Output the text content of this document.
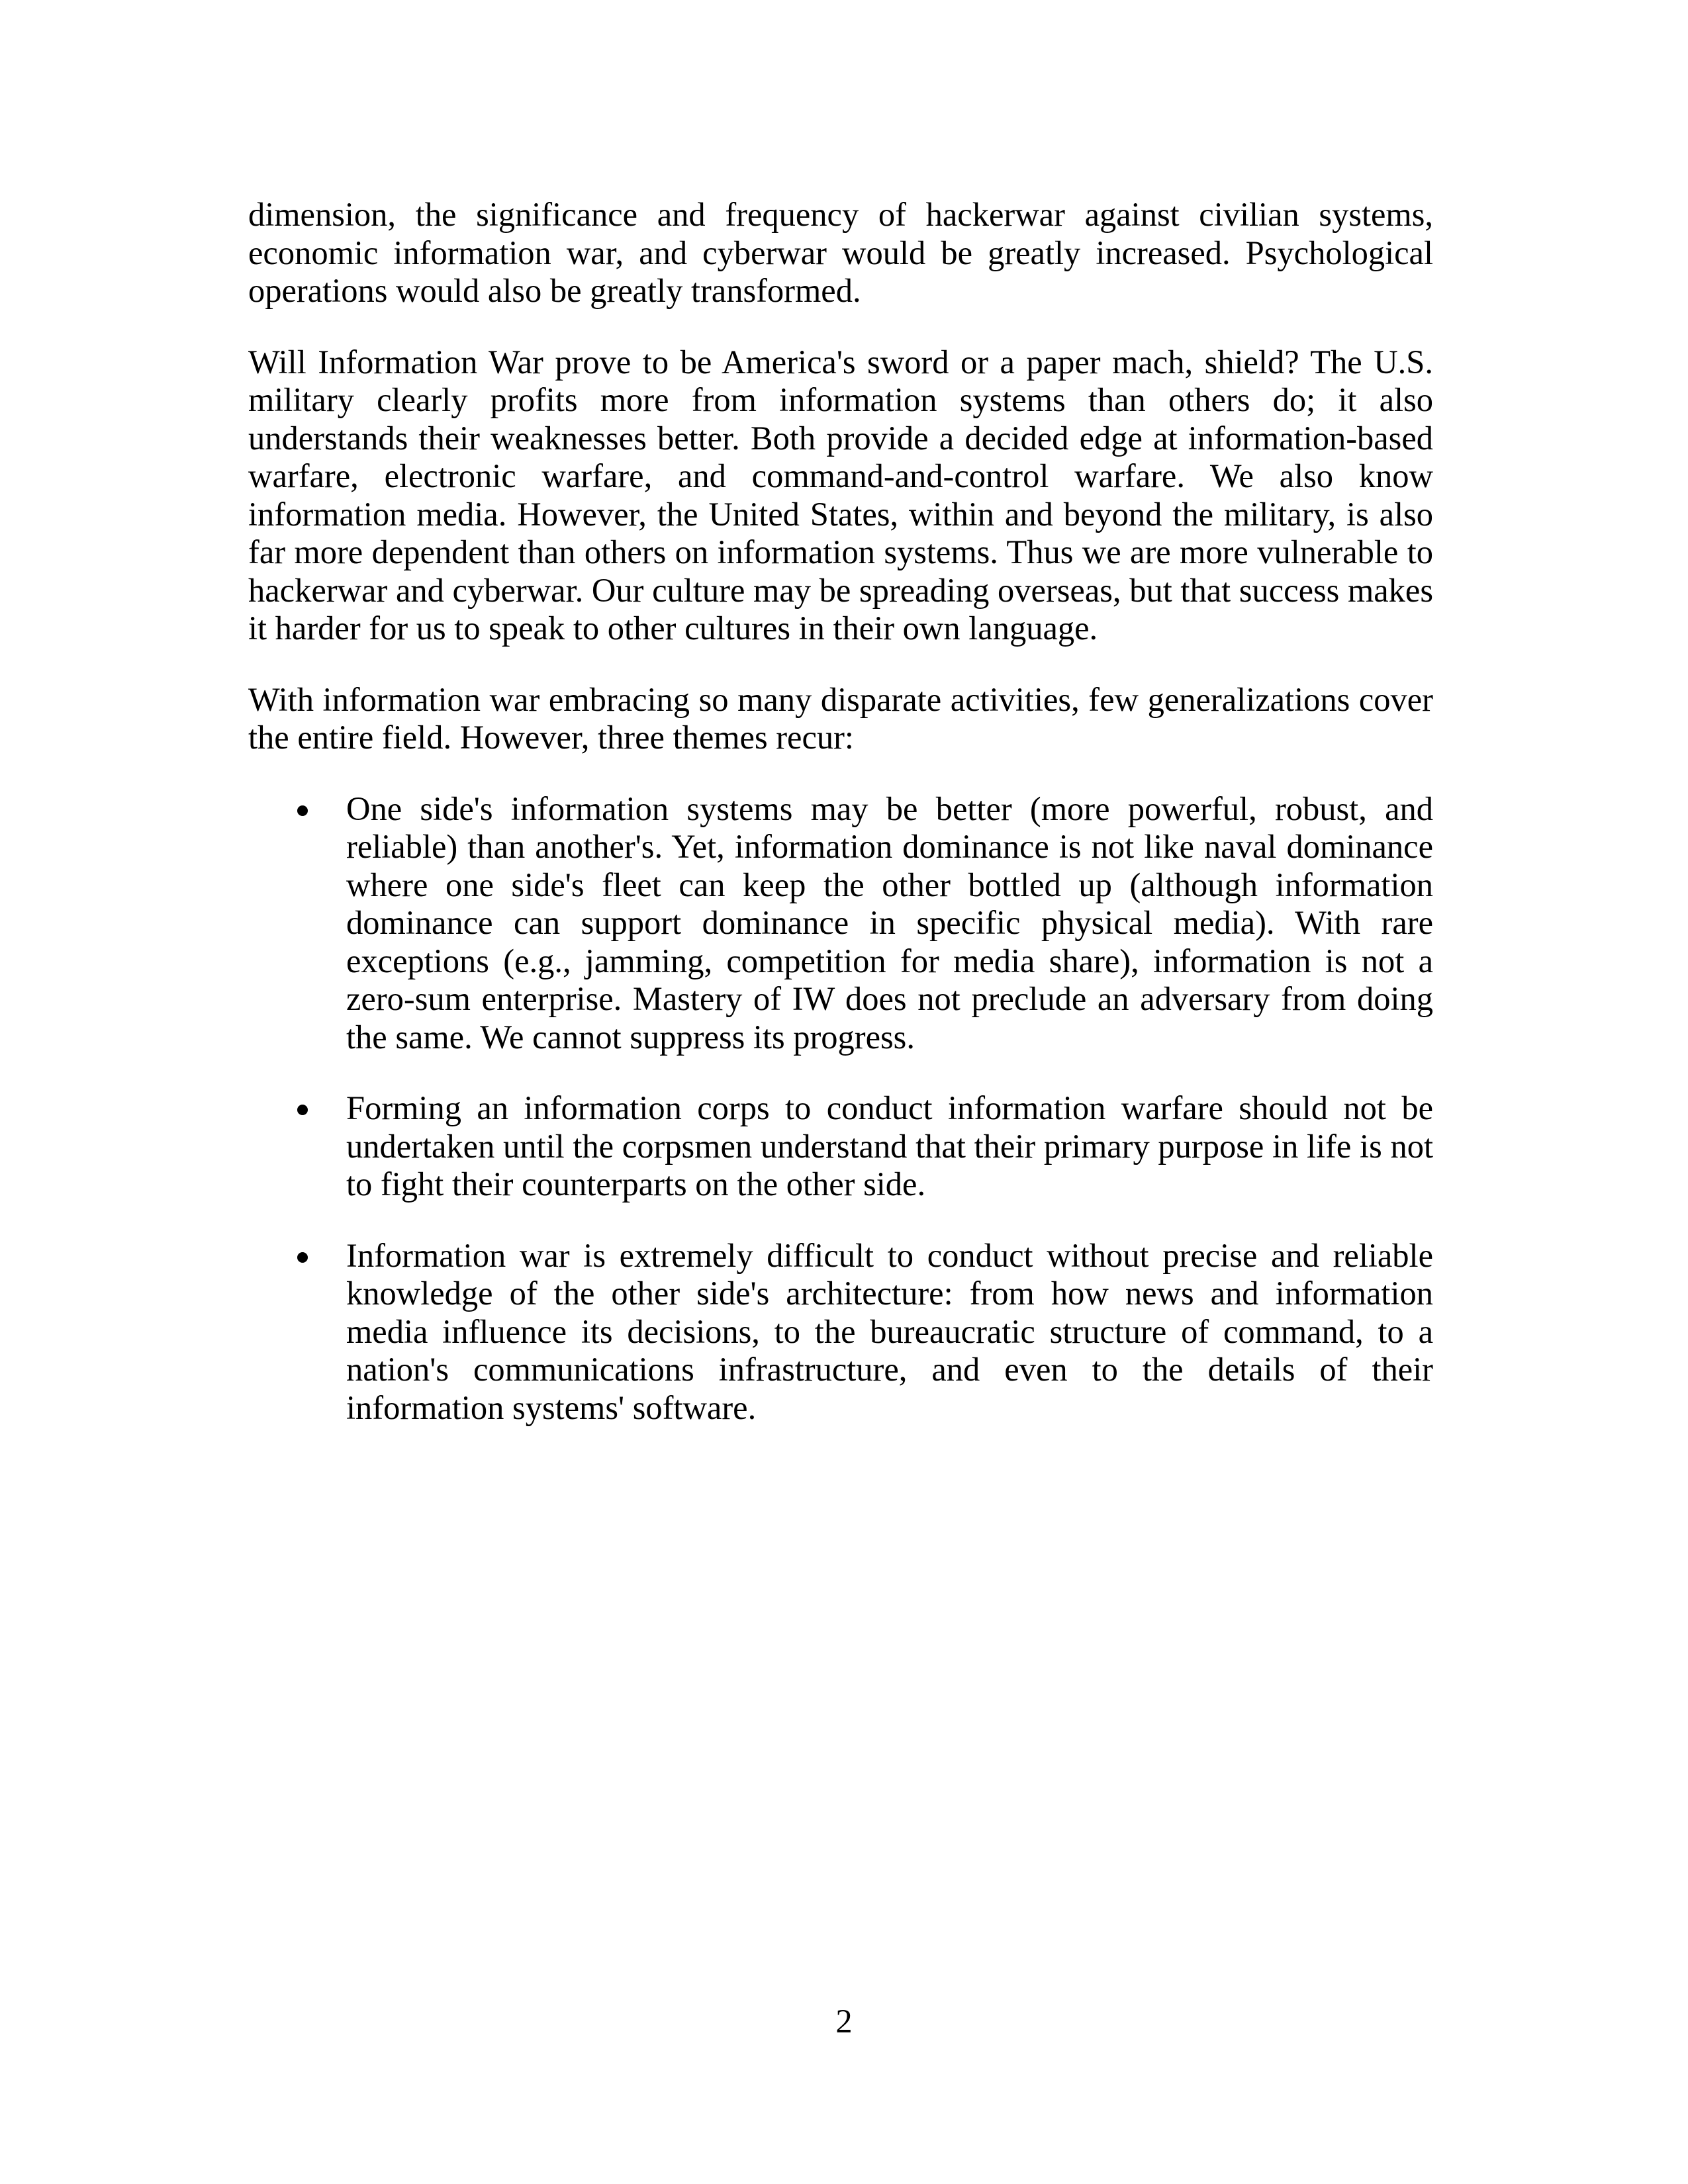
dimension, the significance and frequency of hackerwar against civilian systems, economic information war, and cyberwar would be greatly increased. Psychological operations would also be greatly transformed.

Will Information War prove to be America's sword or a paper mach, shield? The U.S. military clearly profits more from information systems than others do; it also understands their weaknesses better. Both provide a decided edge at information-based warfare, electronic warfare, and command-and-control warfare. We also know information media. However, the United States, within and beyond the military, is also far more dependent than others on information systems. Thus we are more vulnerable to hackerwar and cyberwar. Our culture may be spreading overseas, but that success makes it harder for us to speak to other cultures in their own language.

With information war embracing so many disparate activities, few generalizations cover the entire field. However, three themes recur:

One side's information systems may be better (more powerful, robust, and reliable) than another's. Yet, information dominance is not like naval dominance where one side's fleet can keep the other bottled up (although information dominance can support dominance in specific physical media). With rare exceptions (e.g., jamming, competition for media share), information is not a zero-sum enterprise. Mastery of IW does not preclude an adversary from doing the same. We cannot suppress its progress.
Forming an information corps to conduct information warfare should not be undertaken until the corpsmen understand that their primary purpose in life is not to fight their counterparts on the other side.
Information war is extremely difficult to conduct without precise and reliable knowledge of the other side's architecture: from how news and information media influence its decisions, to the bureaucratic structure of command, to a nation's communications infrastructure, and even to the details of their information systems' software.
2
